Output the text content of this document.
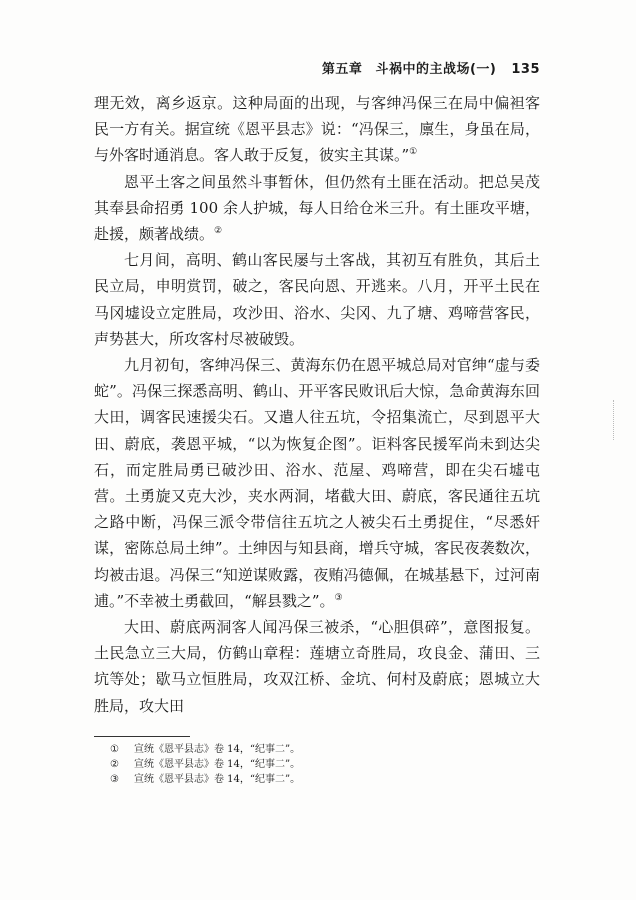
第五章 斗祸中的主战场(一) 135

理无效，离乡返京。这种局面的出现，与客绅冯保三在局中偏袒客民一方有关。据宣统《恩平县志》说：“冯保三，廪生，身虽在局，与外客时通消息。客人敢于反复，彼实主其谋。”①

恩平土客之间虽然斗事暂休，但仍然有土匪在活动。把总吴茂其奉县命招勇 100 余人护城，每人日给仓米三升。有土匪攻平塘，赴援，颇著战绩。②

七月间，高明、鹤山客民屡与土客战，其初互有胜负，其后土民立局，申明赏罚，破之，客民向恩、开逃来。八月，开平土民在马冈墟设立定胜局，攻沙田、浴水、尖冈、九了塘、鸡啼营客民，声势甚大，所攻客村尽被破毁。

九月初旬，客绅冯保三、黄海东仍在恩平城总局对官绅“虚与委蛇”。冯保三探悉高明、鹤山、开平客民败讯后大惊，急命黄海东回大田，调客民速援尖石。又遣人往五坑，令招集流亡，尽到恩平大田、蔚底，袭恩平城，“以为恢复企图”。讵料客民援军尚未到达尖石，而定胜局勇已破沙田、浴水、范屋、鸡啼营，即在尖石墟屯营。土勇旋又克大沙，夹水两洞，堵截大田、蔚底，客民通往五坑之路中断，冯保三派令带信往五坑之人被尖石土勇捉住，“尽悉奸谋，密陈总局土绅”。土绅因与知县商，增兵守城，客民夜袭数次，均被击退。冯保三“知逆谋败露，夜贿冯德佩，在城基悬下，过河南逋。”不幸被土勇截回，“解县戮之”。③

大田、蔚底两洞客人闻冯保三被杀，“心胆俱碎”，意图报复。土民急立三大局，仿鹤山章程：莲塘立奇胜局，攻良金、蒲田、三坑等处；歇马立恒胜局，攻双江桥、金坑、何村及蔚底；恩城立大胜局，攻大田

①	宣统《恩平县志》卷 14，“纪事二”。
②	宣统《恩平县志》卷 14，“纪事二”。
③	宣统《恩平县志》卷 14，“纪事二”。
